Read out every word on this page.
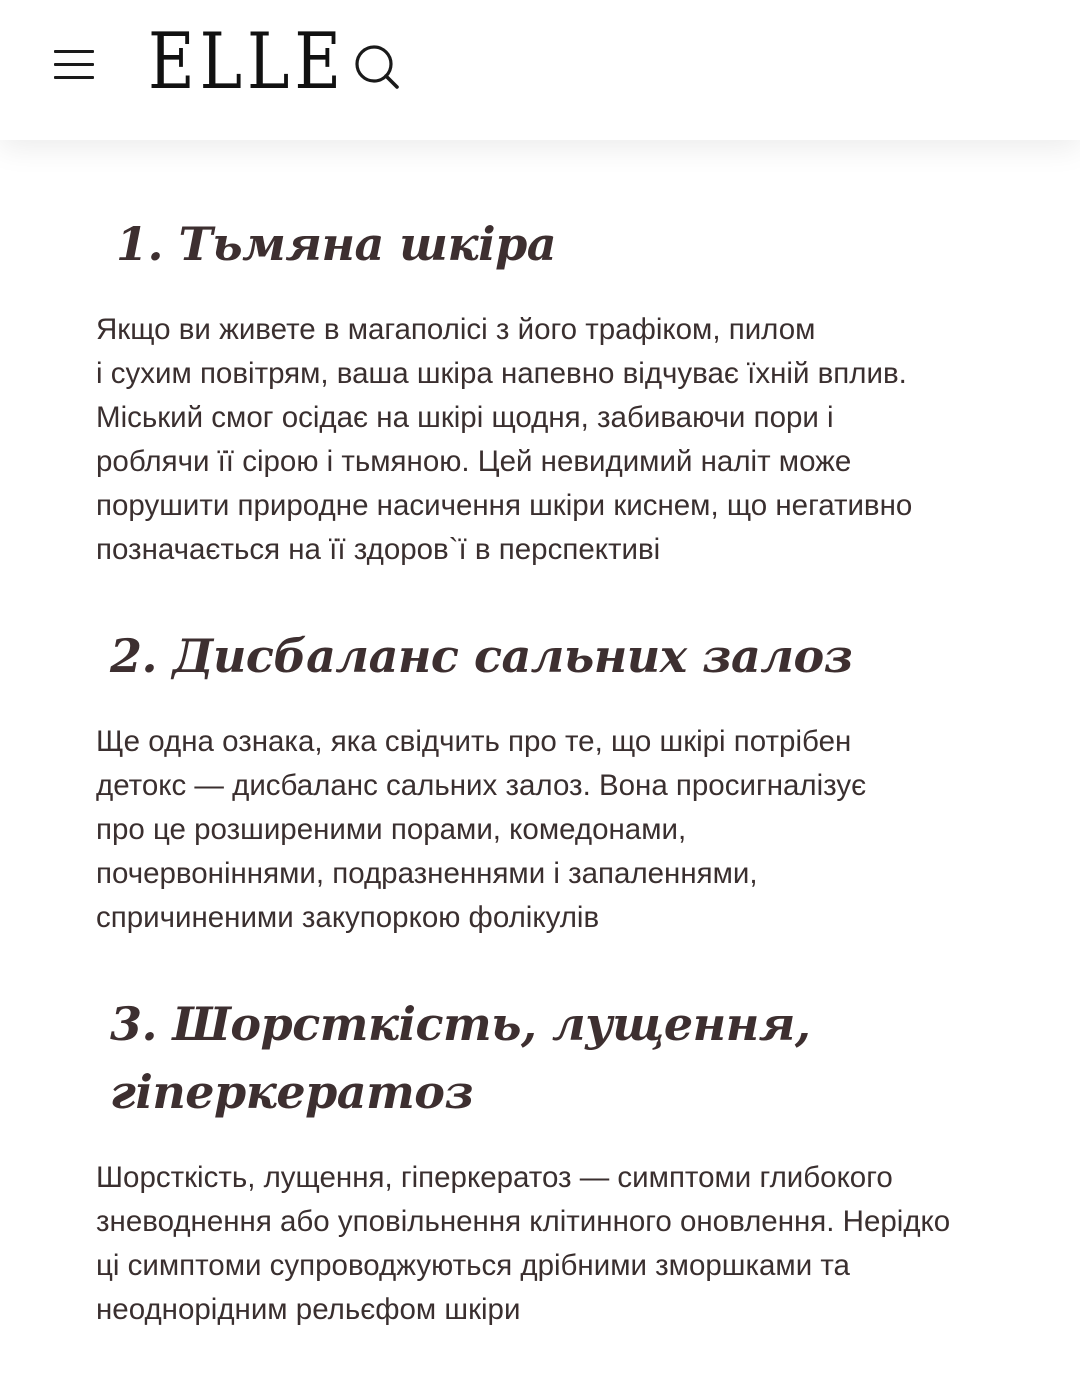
ELLE
1. Тьмяна шкіра

Якщо ви живете в магаполісі з його трафіком, пилом
і сухим повітрям, ваша шкіра напевно відчуває їхній вплив.
Міський смог осідає на шкірі щодня, забиваючи пори і
роблячи її сірою і тьмяною. Цей невидимий наліт може
порушити природне насичення шкіри киснем, що негативно
позначається на її здоров`ї в перспективі

2. Дисбаланс сальних залоз

Ще одна ознака, яка свідчить про те, що шкірі потрібен
детокс — дисбаланс сальних залоз. Вона просигналізує
про це розширеними порами, комедонами,
почервоніннями, подразненнями і запаленнями,
спричиненими закупоркою фолікулів

3. Шорсткість, лущення, гіперкератоз

Шорсткість, лущення, гіперкератоз — симптоми глибокого
зневоднення або уповільнення клітинного оновлення. Нерідко
ці симптоми супроводжуються дрібними зморшками та
неоднорідним рельєфом шкіри
